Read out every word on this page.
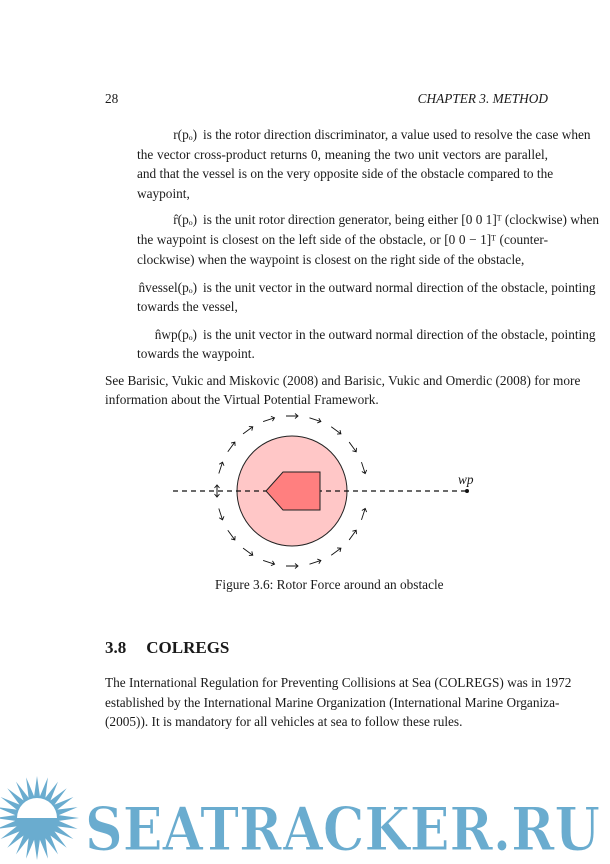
28	CHAPTER 3. METHOD
r(pₒ) is the rotor direction discriminator, a value used to resolve the case when
the vector cross-product returns 0, meaning the two unit vectors are parallel,
and that the vessel is on the very opposite side of the obstacle compared to the
waypoint,
r̂(pₒ) is the unit rotor direction generator, being either [0 0 1]ᵀ (clockwise) when
the waypoint is closest on the left side of the obstacle, or [0 0 − 1]ᵀ (counter-
clockwise) when the waypoint is closest on the right side of the obstacle,
n̂vessel(pₒ) is the unit vector in the outward normal direction of the obstacle, pointing
towards the vessel,
n̂wp(pₒ) is the unit vector in the outward normal direction of the obstacle, pointing
towards the waypoint.
See Barisic, Vukic and Miskovic (2008) and Barisic, Vukic and Omerdic (2008) for more
information about the Virtual Potential Framework.
wp
Figure 3.6: Rotor Force around an obstacle
3.8 COLREGS
The International Regulation for Preventing Collisions at Sea (COLREGS) was in 1972
established by the International Marine Organization (International Marine Organiza-
(2005)). It is mandatory for all vehicles at sea to follow these rules.
SEATRACKER.RU
